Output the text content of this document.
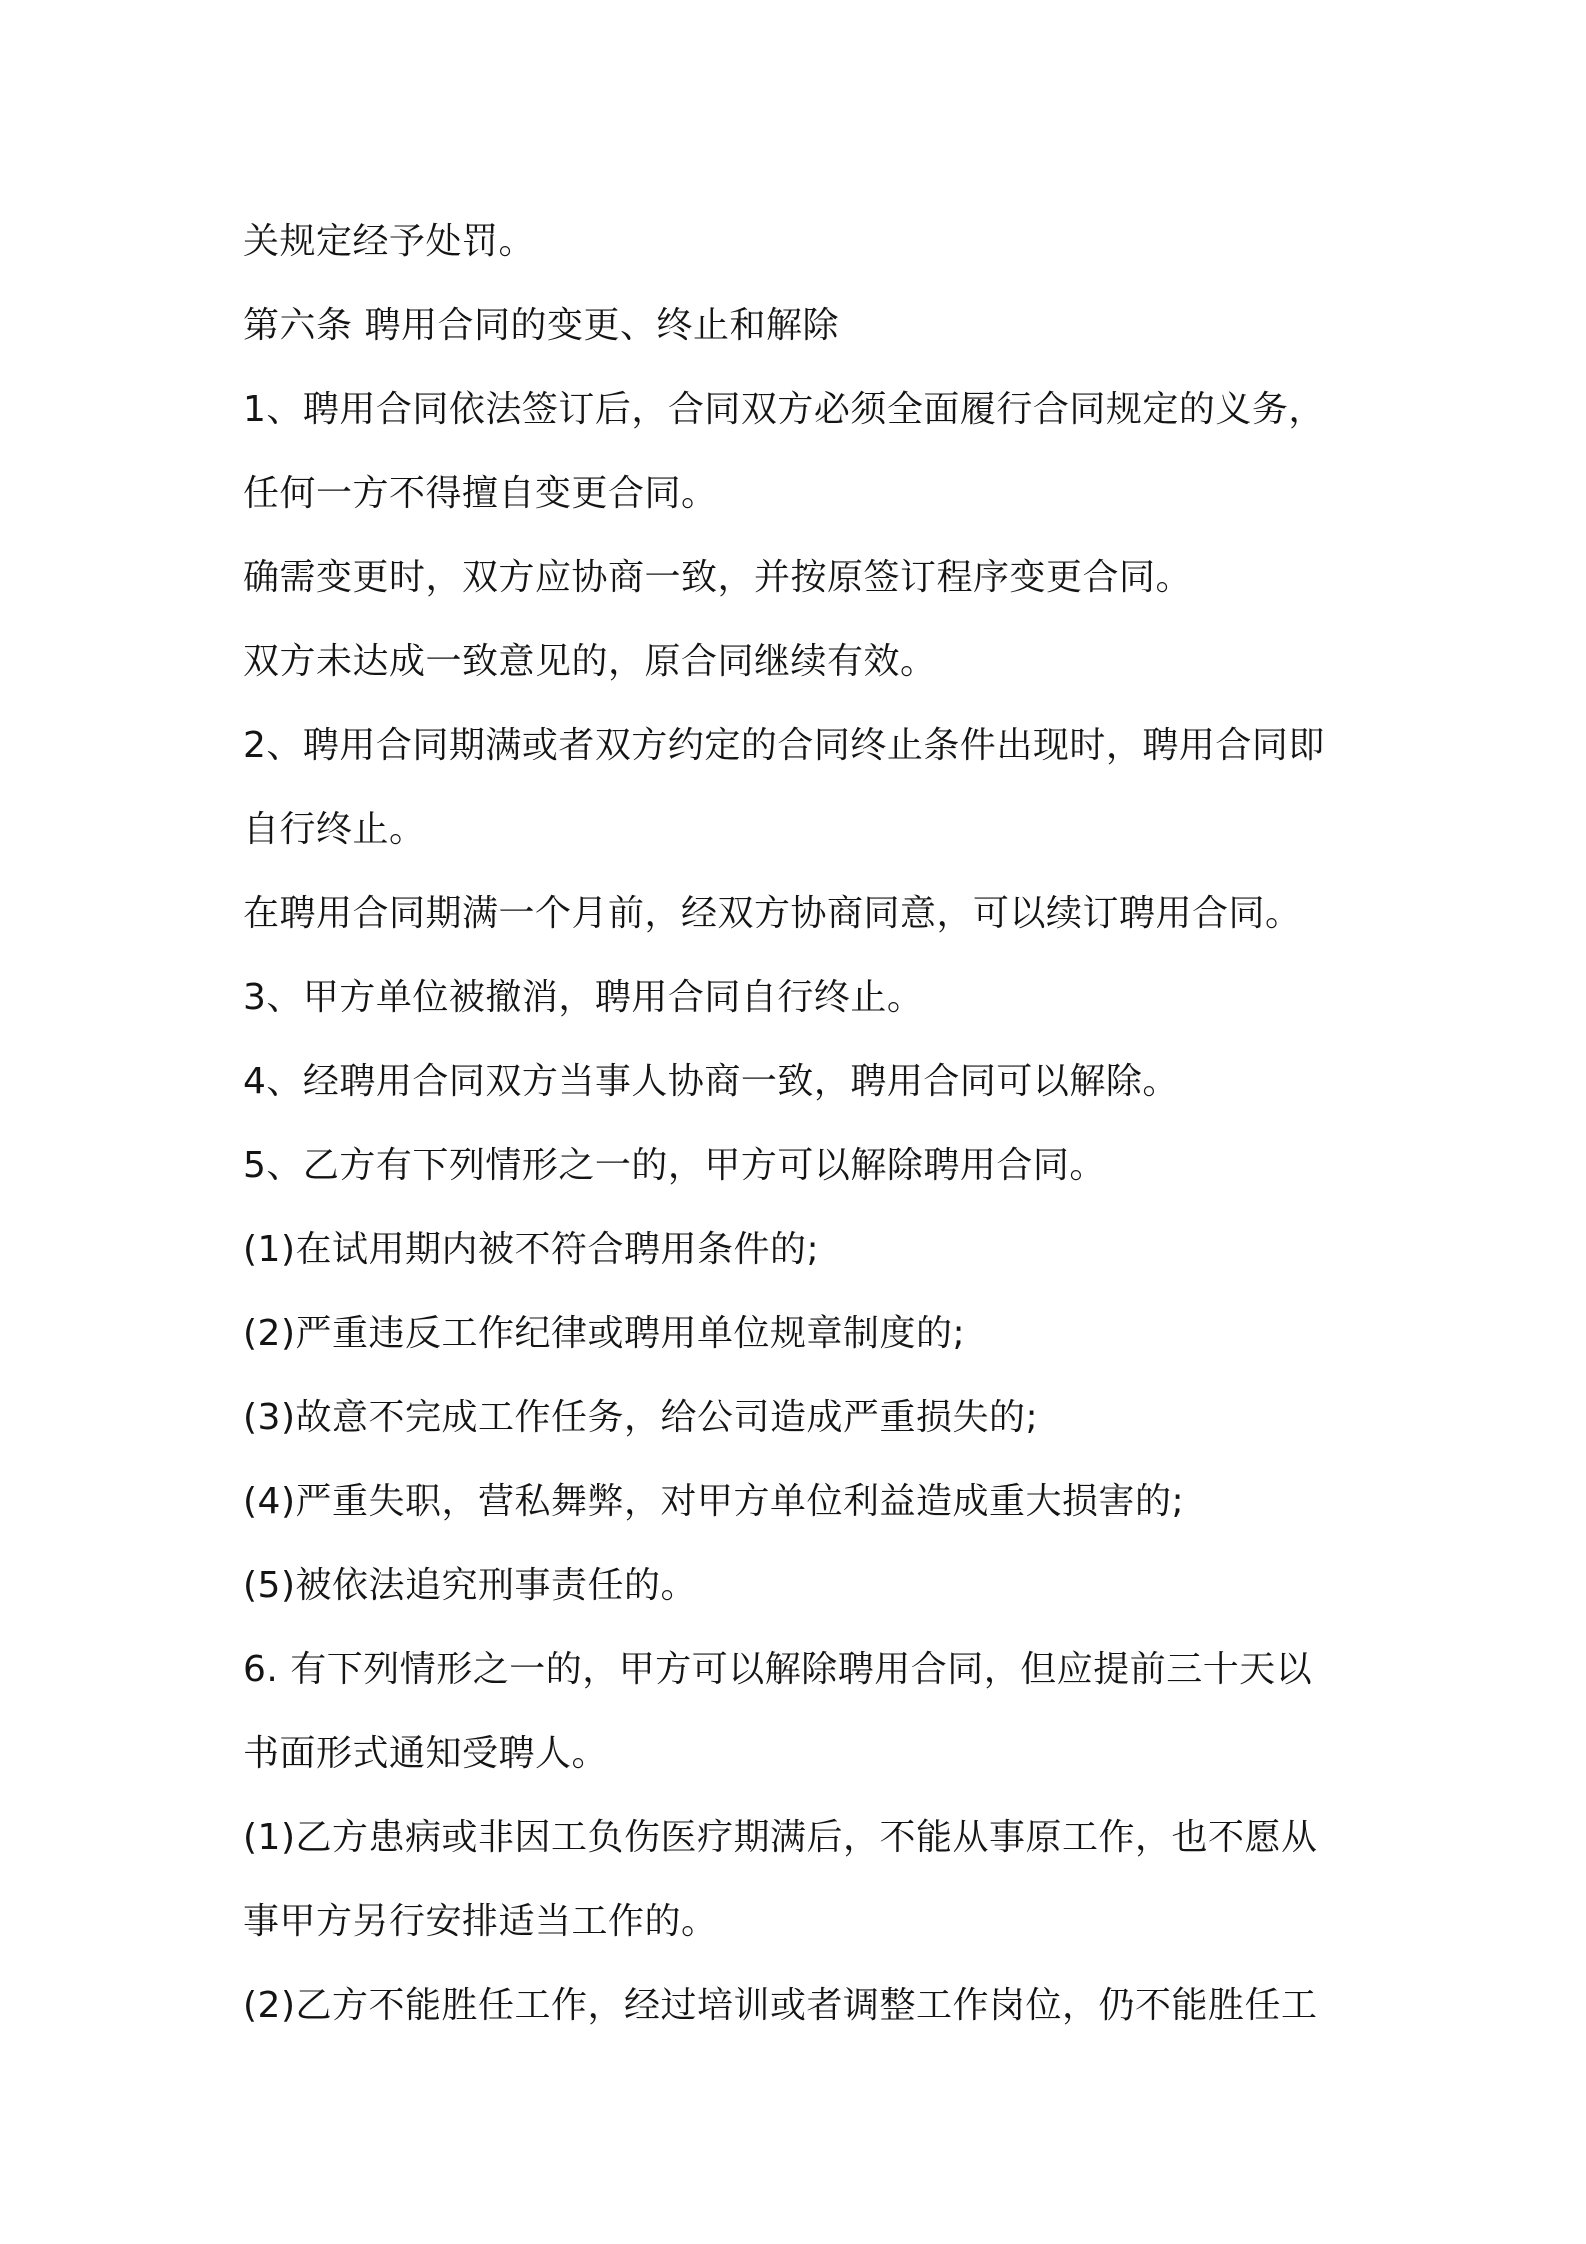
关规定经予处罚。
第六条 聘用合同的变更、终止和解除
1、聘用合同依法签订后，合同双方必须全面履行合同规定的义务，
任何一方不得擅自变更合同。
确需变更时，双方应协商一致，并按原签订程序变更合同。
双方未达成一致意见的，原合同继续有效。
2、聘用合同期满或者双方约定的合同终止条件出现时，聘用合同即
自行终止。
在聘用合同期满一个月前，经双方协商同意，可以续订聘用合同。
3、甲方单位被撤消，聘用合同自行终止。
4、经聘用合同双方当事人协商一致，聘用合同可以解除。
5、乙方有下列情形之一的，甲方可以解除聘用合同。
(1)在试用期内被不符合聘用条件的;
(2)严重违反工作纪律或聘用单位规章制度的;
(3)故意不完成工作任务，给公司造成严重损失的;
(4)严重失职，营私舞弊，对甲方单位利益造成重大损害的;
(5)被依法追究刑事责任的。
6. 有下列情形之一的，甲方可以解除聘用合同，但应提前三十天以
书面形式通知受聘人。
(1)乙方患病或非因工负伤医疗期满后，不能从事原工作，也不愿从
事甲方另行安排适当工作的。
(2)乙方不能胜任工作，经过培训或者调整工作岗位，仍不能胜任工
